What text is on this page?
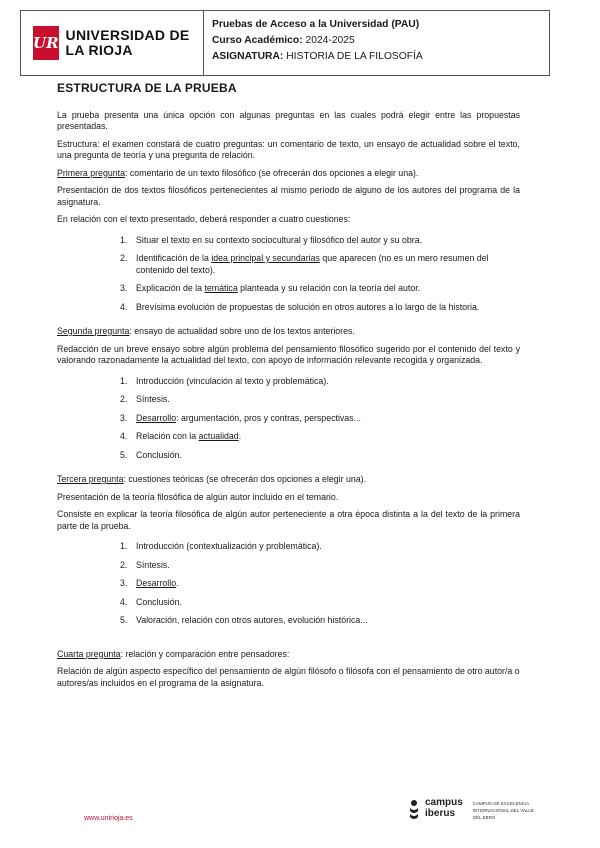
UR UNIVERSIDAD DE LA RIOJA
Pruebas de Acceso a la Universidad (PAU)
Curso Académico: 2024-2025
ASIGNATURA: HISTORIA DE LA FILOSOFÍA
ESTRUCTURA DE LA PRUEBA

La prueba presenta una única opción con algunas preguntas en las cuales podrá elegir entre las propuestas presentadas.

Estructura: el examen constará de cuatro preguntas: un comentario de texto, un ensayo de actualidad sobre el texto, una pregunta de teoría y una pregunta de relación.

Primera pregunta: comentario de un texto filosófico (se ofrecerán dos opciones a elegir una).

Presentación de dos textos filosóficos pertenecientes al mismo periodo de alguno de los autores del programa de la asignatura.

En relación con el texto presentado, deberá responder a cuatro cuestiones:

1. Situar el texto en su contexto sociocultural y filosófico del autor y su obra.
2. Identificación de la idea principal y secundarias que aparecen (no es un mero resumen del contenido del texto).
3. Explicación de la temática planteada y su relación con la teoría del autor.
4. Brevísima evolución de propuestas de solución en otros autores a lo largo de la historia.

Segunda pregunta: ensayo de actualidad sobre uno de los textos anteriores.

Redacción de un breve ensayo sobre algún problema del pensamiento filosófico sugerido por el contenido del texto y valorando razonadamente la actualidad del texto, con apoyo de información relevante recogida y organizada.

1. Introducción (vinculación al texto y problemática).
2. Síntesis.
3. Desarrollo: argumentación, pros y contras, perspectivas...
4. Relación con la actualidad.
5. Conclusión.

Tercera pregunta: cuestiones teóricas (se ofrecerán dos opciones a elegir una).

Presentación de la teoría filosófica de algún autor incluido en el temario.

Consiste en explicar la teoría filosófica de algún autor perteneciente a otra época distinta a la del texto de la primera parte de la prueba.

1. Introducción (contextualización y problemática).
2. Síntesis.
3. Desarrollo.
4. Conclusión.
5. Valoración, relación con otros autores, evolución histórica...

Cuarta pregunta: relación y comparación entre pensadores:

Relación de algún aspecto específico del pensamiento de algún filósofo o filósofa con el pensamiento de otro autor/a o autores/as incluidos en el programa de la asignatura.

www.unirioja.es
campus
iberus
CAMPUS DE EXCELENCIA INTERNACIONAL DEL VALLE DEL EBRO
